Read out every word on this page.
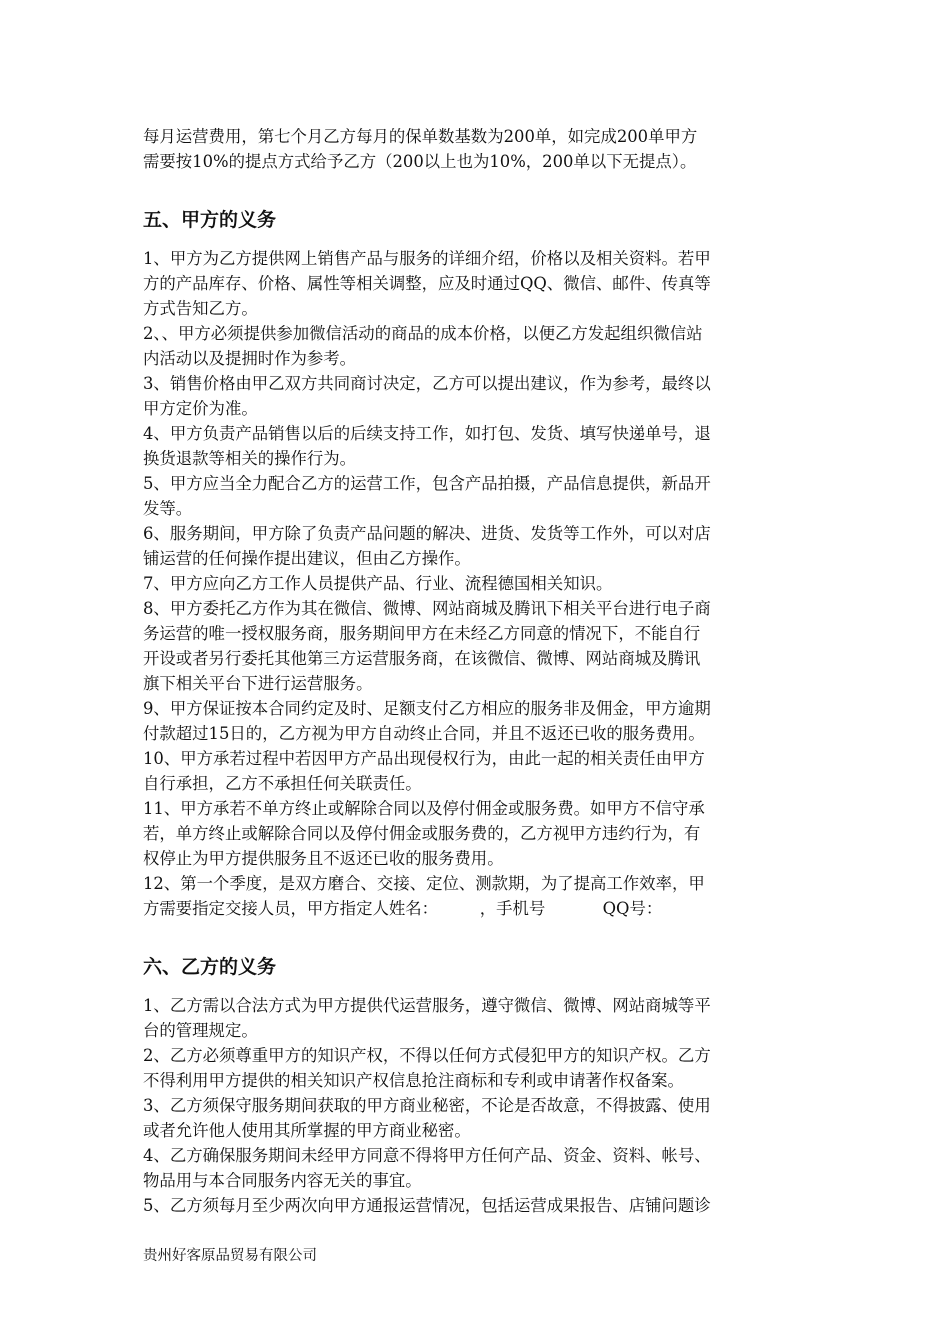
每月运营费用，第七个月乙方每月的保单数基数为200单，如完成200单甲方

需要按10%的提点方式给予乙方（200以上也为10%，200单以下无提点）。

五、甲方的义务

1、甲方为乙方提供网上销售产品与服务的详细介绍，价格以及相关资料。若甲

方的产品库存、价格、属性等相关调整，应及时通过QQ、微信、邮件、传真等

方式告知乙方。

2、、甲方必须提供参加微信活动的商品的成本价格，以便乙方发起组织微信站

内活动以及提拥时作为参考。

3、销售价格由甲乙双方共同商讨决定，乙方可以提出建议，作为参考，最终以

甲方定价为准。

4、甲方负责产品销售以后的后续支持工作，如打包、发货、填写快递单号，退

换货退款等相关的操作行为。

5、甲方应当全力配合乙方的运营工作，包含产品拍摄，产品信息提供，新品开

发等。

6、服务期间，甲方除了负责产品问题的解决、进货、发货等工作外，可以对店

铺运营的任何操作提出建议，但由乙方操作。

7、甲方应向乙方工作人员提供产品、行业、流程德国相关知识。

8、甲方委托乙方作为其在微信、微博、网站商城及腾讯下相关平台进行电子商

务运营的唯一授权服务商，服务期间甲方在未经乙方同意的情况下，不能自行

开设或者另行委托其他第三方运营服务商，在该微信、微博、网站商城及腾讯

旗下相关平台下进行运营服务。

9、甲方保证按本合同约定及时、足额支付乙方相应的服务非及佣金，甲方逾期

付款超过15日的，乙方视为甲方自动终止合同，并且不返还已收的服务费用。

10、甲方承若过程中若因甲方产品出现侵权行为，由此一起的相关责任由甲方

自行承担，乙方不承担任何关联责任。

11、甲方承若不单方终止或解除合同以及停付佣金或服务费。如甲方不信守承

若，单方终止或解除合同以及停付佣金或服务费的，乙方视甲方违约行为，有

权停止为甲方提供服务且不返还已收的服务费用。

12、第一个季度，是双方磨合、交接、定位、测款期，为了提高工作效率，甲

方需要指定交接人员，甲方指定人姓名：        ，手机号           QQ号：

六、乙方的义务

1、乙方需以合法方式为甲方提供代运营服务，遵守微信、微博、网站商城等平

台的管理规定。

2、乙方必须尊重甲方的知识产权，不得以任何方式侵犯甲方的知识产权。乙方

不得利用甲方提供的相关知识产权信息抢注商标和专利或申请著作权备案。

3、乙方须保守服务期间获取的甲方商业秘密，不论是否故意，不得披露、使用

或者允许他人使用其所掌握的甲方商业秘密。

4、乙方确保服务期间未经甲方同意不得将甲方任何产品、资金、资料、帐号、

物品用与本合同服务内容无关的事宜。

5、乙方须每月至少两次向甲方通报运营情况，包括运营成果报告、店铺问题诊

贵州好客原品贸易有限公司
